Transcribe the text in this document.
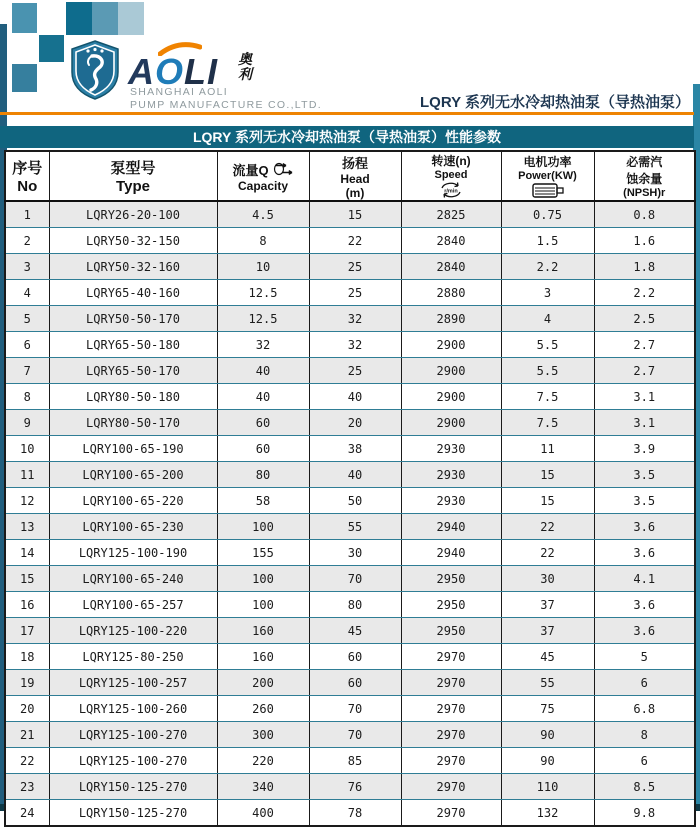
A O L I 奥
利
SHANGHAI AOLI
PUMP MANUFACTURE CO.,LTD.	LQRY 系列无水冷却热油泵（导热油泵）
LQRY 系列无水冷却热油泵（导热油泵）性能参数
序号
No

泵型号
Type

流量Q
Capacity

扬程
Head
(m)

转速(n)
Speed
r/min

电机功率
Power(KW)

必需汽
蚀余量
(NPSH)r

1	LQRY26-20-100	4.5	15	2825	0.75	0.8
2	LQRY50-32-150	8	22	2840	1.5	1.6
3	LQRY50-32-160	10	25	2840	2.2	1.8
4	LQRY65-40-160	12.5	25	2880	3	2.2
5	LQRY50-50-170	12.5	32	2890	4	2.5
6	LQRY65-50-180	32	32	2900	5.5	2.7
7	LQRY65-50-170	40	25	2900	5.5	2.7
8	LQRY80-50-180	40	40	2900	7.5	3.1
9	LQRY80-50-170	60	20	2900	7.5	3.1
10	LQRY100-65-190	60	38	2930	11	3.9
11	LQRY100-65-200	80	40	2930	15	3.5
12	LQRY100-65-220	58	50	2930	15	3.5
13	LQRY100-65-230	100	55	2940	22	3.6
14	LQRY125-100-190	155	30	2940	22	3.6
15	LQRY100-65-240	100	70	2950	30	4.1
16	LQRY100-65-257	100	80	2950	37	3.6
17	LQRY125-100-220	160	45	2950	37	3.6
18	LQRY125-80-250	160	60	2970	45	5
19	LQRY125-100-257	200	60	2970	55	6
20	LQRY125-100-260	260	70	2970	75	6.8
21	LQRY125-100-270	300	70	2970	90	8
22	LQRY125-100-270	220	85	2970	90	6
23	LQRY150-125-270	340	76	2970	110	8.5
24	LQRY150-125-270	400	78	2970	132	9.8
